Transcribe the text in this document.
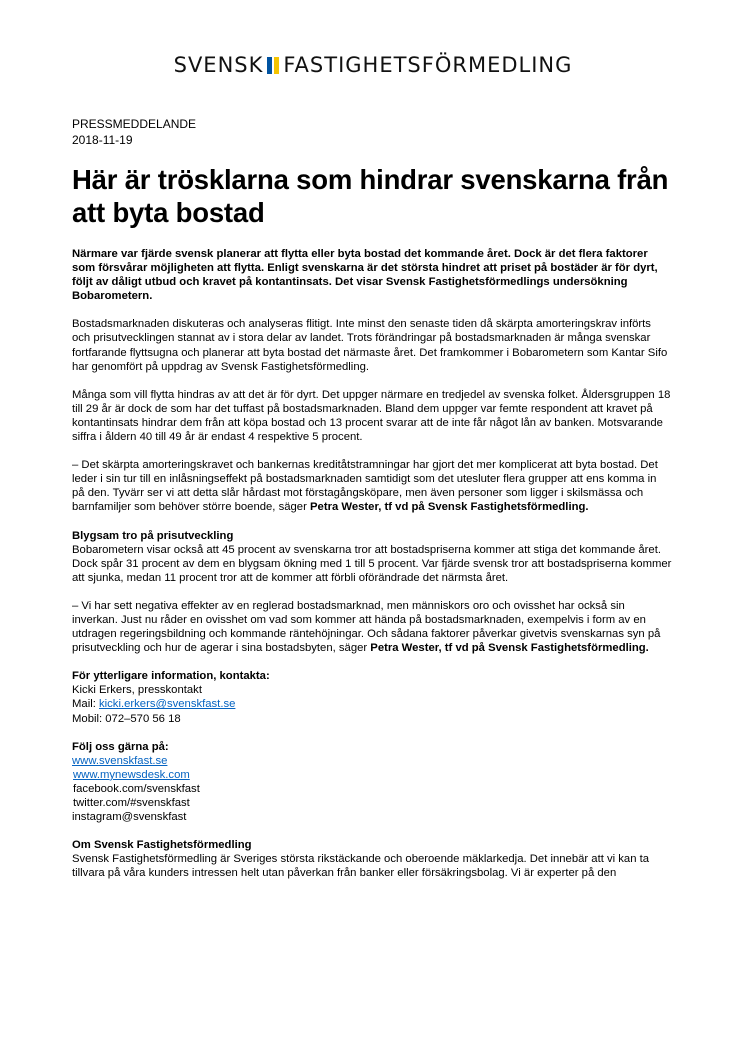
SVENSK FASTIGHETSFÖRMEDLING
PRESSMEDDELANDE
2018-11-19
Här är trösklarna som hindrar svenskarna från att byta bostad

Närmare var fjärde svensk planerar att flytta eller byta bostad det kommande året. Dock är det flera faktorer som försvårar möjligheten att flytta. Enligt svenskarna är det största hindret att priset på bostäder är för dyrt, följt av dåligt utbud och kravet på kontantinsats. Det visar Svensk Fastighetsförmedlings undersökning Bobarometern.

Bostadsmarknaden diskuteras och analyseras flitigt. Inte minst den senaste tiden då skärpta amorteringskrav införts och prisutvecklingen stannat av i stora delar av landet. Trots förändringar på bostadsmarknaden är många svenskar fortfarande flyttsugna och planerar att byta bostad det närmaste året. Det framkommer i Bobarometern som Kantar Sifo har genomfört på uppdrag av Svensk Fastighetsförmedling.

Många som vill flytta hindras av att det är för dyrt. Det uppger närmare en tredjedel av svenska folket. Åldersgruppen 18 till 29 år är dock de som har det tuffast på bostadsmarknaden. Bland dem uppger var femte respondent att kravet på kontantinsats hindrar dem från att köpa bostad och 13 procent svarar att de inte får något lån av banken. Motsvarande siffra i åldern 40 till 49 år är endast 4 respektive 5 procent.

– Det skärpta amorteringskravet och bankernas kreditåtstramningar har gjort det mer komplicerat att byta bostad. Det leder i sin tur till en inlåsningseffekt på bostadsmarknaden samtidigt som det utesluter flera grupper att ens komma in på den. Tyvärr ser vi att detta slår hårdast mot förstagångsköpare, men även personer som ligger i skilsmässa och barnfamiljer som behöver större boende, säger Petra Wester, tf vd på Svensk Fastighetsförmedling.

Blygsam tro på prisutveckling
Bobarometern visar också att 45 procent av svenskarna tror att bostadspriserna kommer att stiga det kommande året. Dock spår 31 procent av dem en blygsam ökning med 1 till 5 procent. Var fjärde svensk tror att bostadspriserna kommer att sjunka, medan 11 procent tror att de kommer att förbli oförändrade det närmsta året.

– Vi har sett negativa effekter av en reglerad bostadsmarknad, men människors oro och ovisshet har också sin inverkan. Just nu råder en ovisshet om vad som kommer att hända på bostadsmarknaden, exempelvis i form av en utdragen regeringsbildning och kommande räntehöjningar. Och sådana faktorer påverkar givetvis svenskarnas syn på prisutveckling och hur de agerar i sina bostadsbyten, säger Petra Wester, tf vd på Svensk Fastighetsförmedling.

För ytterligare information, kontakta:
Kicki Erkers, presskontakt
Mail: kicki.erkers@svenskfast.se
Mobil: 072–570 56 18

Följ oss gärna på:
www.svenskfast.se
www.mynewsdesk.com

facebook.com/svenskfast
twitter.com/#svenskfast
instagram@svenskfast

Om Svensk Fastighetsförmedling
Svensk Fastighetsförmedling är Sveriges största rikstäckande och oberoende mäklarkedja. Det innebär att vi kan ta tillvara på våra kunders intressen helt utan påverkan från banker eller försäkringsbolag. Vi är experter på den
